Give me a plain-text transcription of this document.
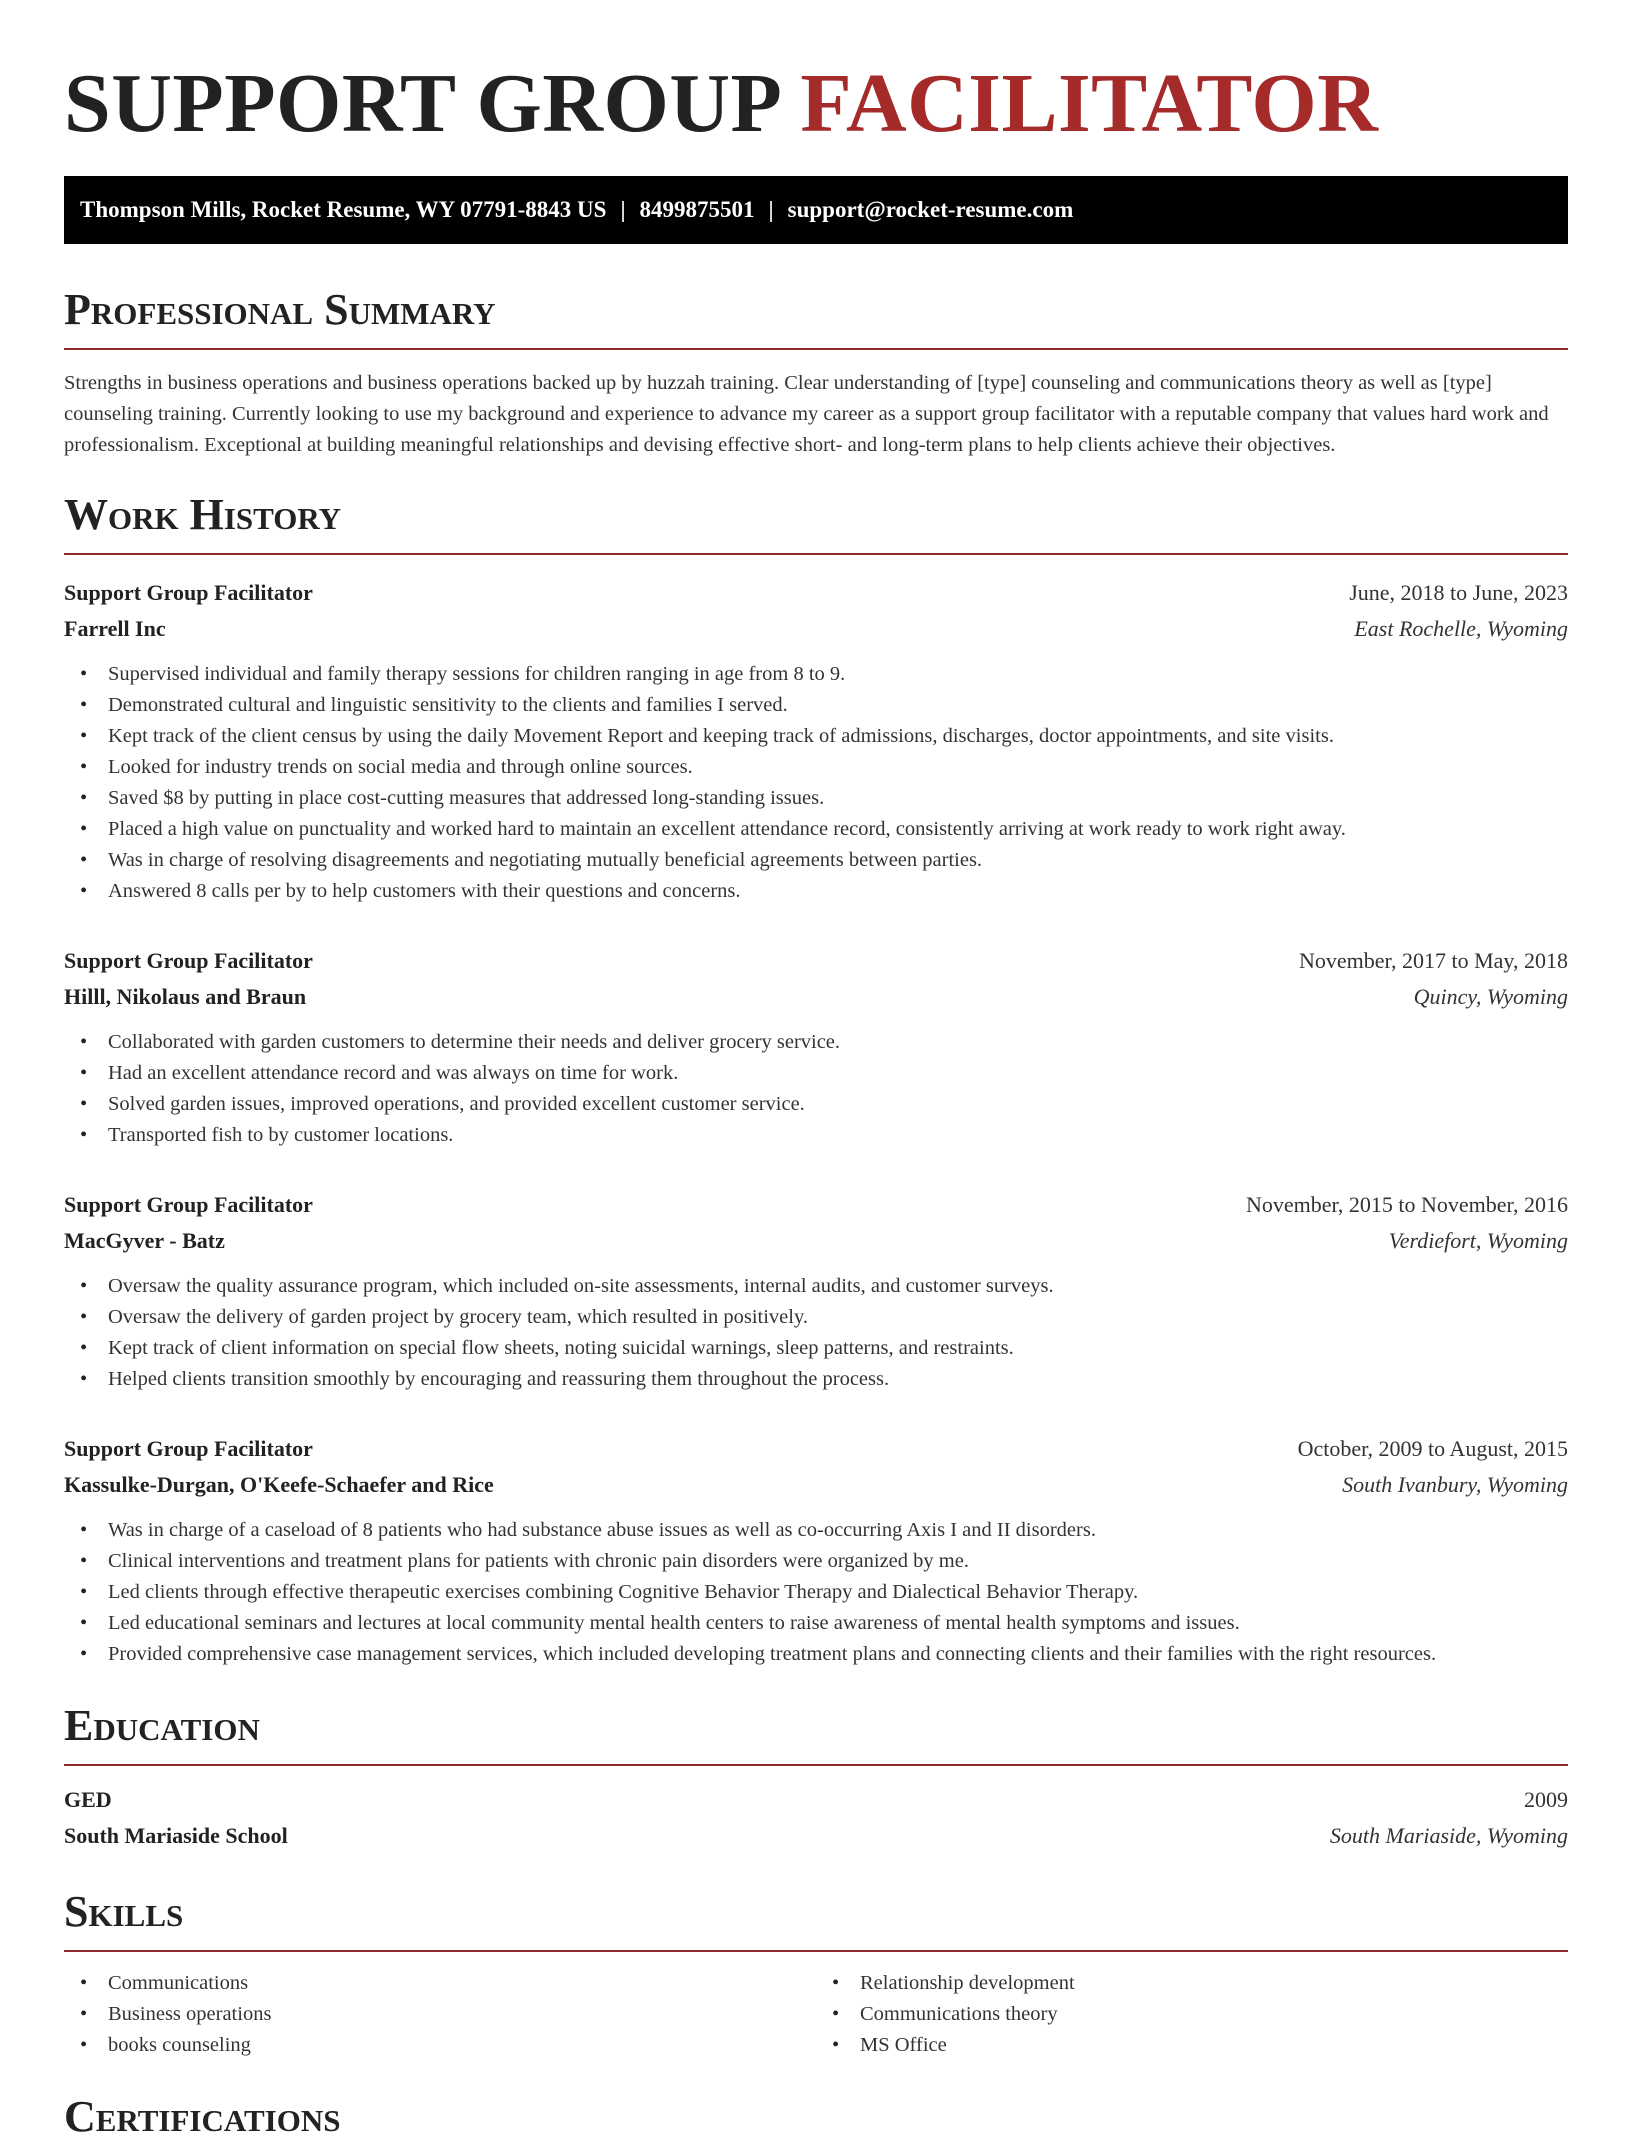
SUPPORT GROUP FACILITATOR
Thompson Mills, Rocket Resume, WY 07791-8843 US | 8499875501 | support@rocket-resume.com
Professional Summary

Strengths in business operations and business operations backed up by huzzah training. Clear understanding of [type] counseling and communications theory as well as [type] counseling training. Currently looking to use my background and experience to advance my career as a support group facilitator with a reputable company that values hard work and professionalism. Exceptional at building meaningful relationships and devising effective short- and long-term plans to help clients achieve their objectives.

Work History
Support Group Facilitator	June, 2018 to June, 2023
Farrell Inc	East Rochelle, Wyoming
• Supervised individual and family therapy sessions for children ranging in age from 8 to 9.
• Demonstrated cultural and linguistic sensitivity to the clients and families I served.
• Kept track of the client census by using the daily Movement Report and keeping track of admissions, discharges, doctor appointments, and site visits.
• Looked for industry trends on social media and through online sources.
• Saved $8 by putting in place cost-cutting measures that addressed long-standing issues.
• Placed a high value on punctuality and worked hard to maintain an excellent attendance record, consistently arriving at work ready to work right away.
• Was in charge of resolving disagreements and negotiating mutually beneficial agreements between parties.
• Answered 8 calls per by to help customers with their questions and concerns.
Support Group Facilitator	November, 2017 to May, 2018
Hilll, Nikolaus and Braun	Quincy, Wyoming
• Collaborated with garden customers to determine their needs and deliver grocery service.
• Had an excellent attendance record and was always on time for work.
• Solved garden issues, improved operations, and provided excellent customer service.
• Transported fish to by customer locations.
Support Group Facilitator	November, 2015 to November, 2016
MacGyver - Batz	Verdiefort, Wyoming
• Oversaw the quality assurance program, which included on-site assessments, internal audits, and customer surveys.
• Oversaw the delivery of garden project by grocery team, which resulted in positively.
• Kept track of client information on special flow sheets, noting suicidal warnings, sleep patterns, and restraints.
• Helped clients transition smoothly by encouraging and reassuring them throughout the process.
Support Group Facilitator	October, 2009 to August, 2015
Kassulke-Durgan, O'Keefe-Schaefer and Rice	South Ivanbury, Wyoming
• Was in charge of a caseload of 8 patients who had substance abuse issues as well as co-occurring Axis I and II disorders.
• Clinical interventions and treatment plans for patients with chronic pain disorders were organized by me.
• Led clients through effective therapeutic exercises combining Cognitive Behavior Therapy and Dialectical Behavior Therapy.
• Led educational seminars and lectures at local community mental health centers to raise awareness of mental health symptoms and issues.
• Provided comprehensive case management services, which included developing treatment plans and connecting clients and their families with the right resources.
Education
GED	2009
South Mariaside School	South Mariaside, Wyoming
Skills
• Communications
• Business operations
• books counseling
• Relationship development
• Communications theory
• MS Office
Certifications
